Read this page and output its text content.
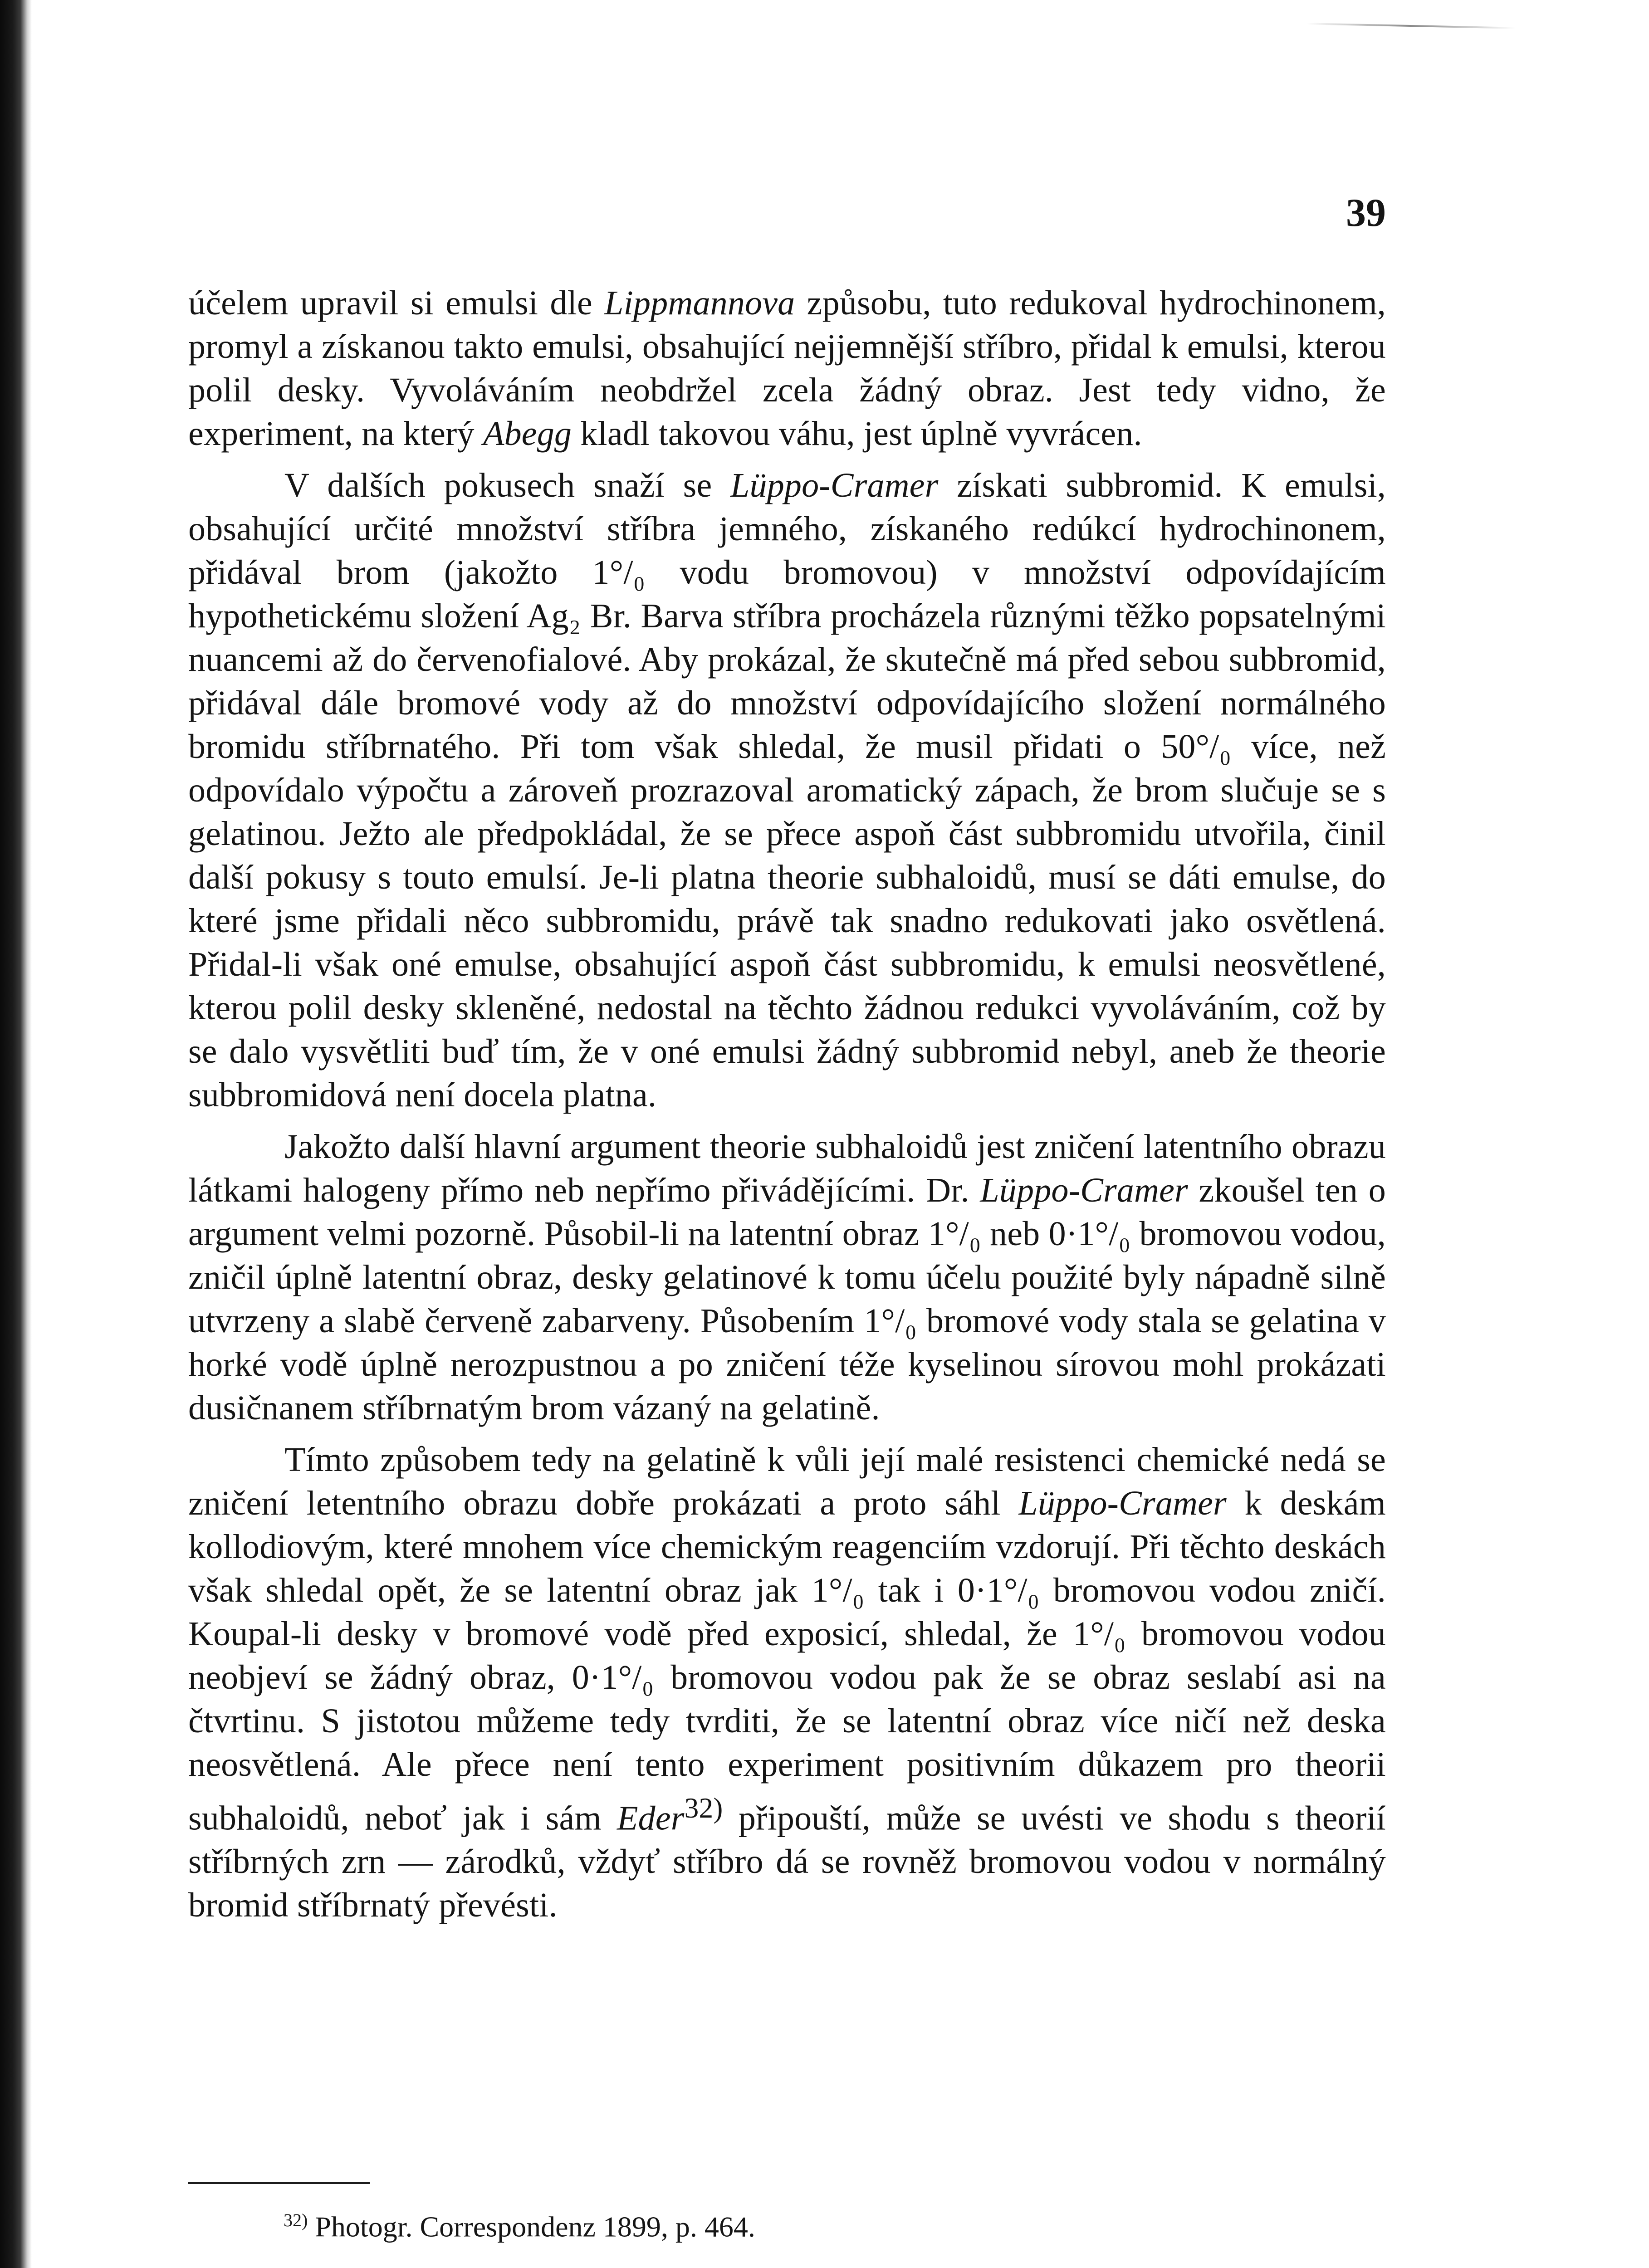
39

účelem upravil si emulsi dle Lippmannova způsobu, tuto redukoval hydrochinonem, promyl a získanou takto emulsi, obsahující nejjemnější stříbro, přidal k emulsi, kterou polil desky. Vyvoláváním neobdržel zcela žádný obraz. Jest tedy vidno, že experiment, na který Abegg kladl takovou váhu, jest úplně vyvrácen.

V dalších pokusech snaží se Lüppo-Cramer získati subbromid. K emulsi, obsahující určité množství stříbra jemného, získaného redúkcí hydrochinonem, přidával brom (jakožto 1°/₀ vodu bromovou) v množství odpovídajícím hypothetickému složení Ag₂ Br. Barva stříbra procházela různými těžko popsatelnými nuancemi až do červenofialové. Aby prokázal, že skutečně má před sebou subbromid, přidával dále bromové vody až do množství odpovídajícího složení normálného bromidu stříbrnatého. Při tom však shledal, že musil přidati o 50°/₀ více, než odpovídalo výpočtu a zároveň prozrazoval aromatický zápach, že brom slučuje se s gelatinou. Ježto ale předpokládal, že se přece aspoň část subbromidu utvořila, činil další pokusy s touto emulsí. Je-li platna theorie subhaloidů, musí se dáti emulse, do které jsme přidali něco subbromidu, právě tak snadno redukovati jako osvětlená. Přidal-li však oné emulse, obsahující aspoň část subbromidu, k emulsi neosvětlené, kterou polil desky skleněné, nedostal na těchto žádnou redukci vyvoláváním, což by se dalo vysvětliti buď tím, že v oné emulsi žádný subbromid nebyl, aneb že theorie subbromidová není docela platna.

Jakožto další hlavní argument theorie subhaloidů jest zničení latentního obrazu látkami halogeny přímo neb nepřímo přivádějícími. Dr. Lüppo-Cramer zkoušel ten o argument velmi pozorně. Působil-li na latentní obraz 1°/₀ neb 0·1°/₀ bromovou vodou, zničil úplně latentní obraz, desky gelatinové k tomu účelu použité byly nápadně silně utvrzeny a slabě červeně zabarveny. Působením 1°/₀ bromové vody stala se gelatina v horké vodě úplně nerozpustnou a po zničení téže kyselinou sírovou mohl prokázati dusičnanem stříbrnatým brom vázaný na gelatině.

Tímto způsobem tedy na gelatině k vůli její malé resistenci chemické nedá se zničení letentního obrazu dobře prokázati a proto sáhl Lüppo-Cramer k deskám kollodiovým, které mnohem více chemickým reagenciím vzdorují. Při těchto deskách však shledal opět, že se latentní obraz jak 1°/₀ tak i 0·1°/₀ bromovou vodou zničí. Koupal-li desky v bromové vodě před exposicí, shledal, že 1°/₀ bromovou vodou neobjeví se žádný obraz, 0·1°/₀ bromovou vodou pak že se obraz seslabí asi na čtvrtinu. S jistotou můžeme tedy tvrditi, že se latentní obraz více ničí než deska neosvětlená. Ale přece není tento experiment positivním důkazem pro theorii subhaloidů, neboť jak i sám Eder$^{32)}$ připouští, může se uvésti ve shodu s theorií stříbrných zrn — zárodků, vždyť stříbro dá se rovněž bromovou vodou v normálný bromid stříbrnatý převésti.

$^{32)}$ Photogr. Correspondenz 1899, p. 464.
